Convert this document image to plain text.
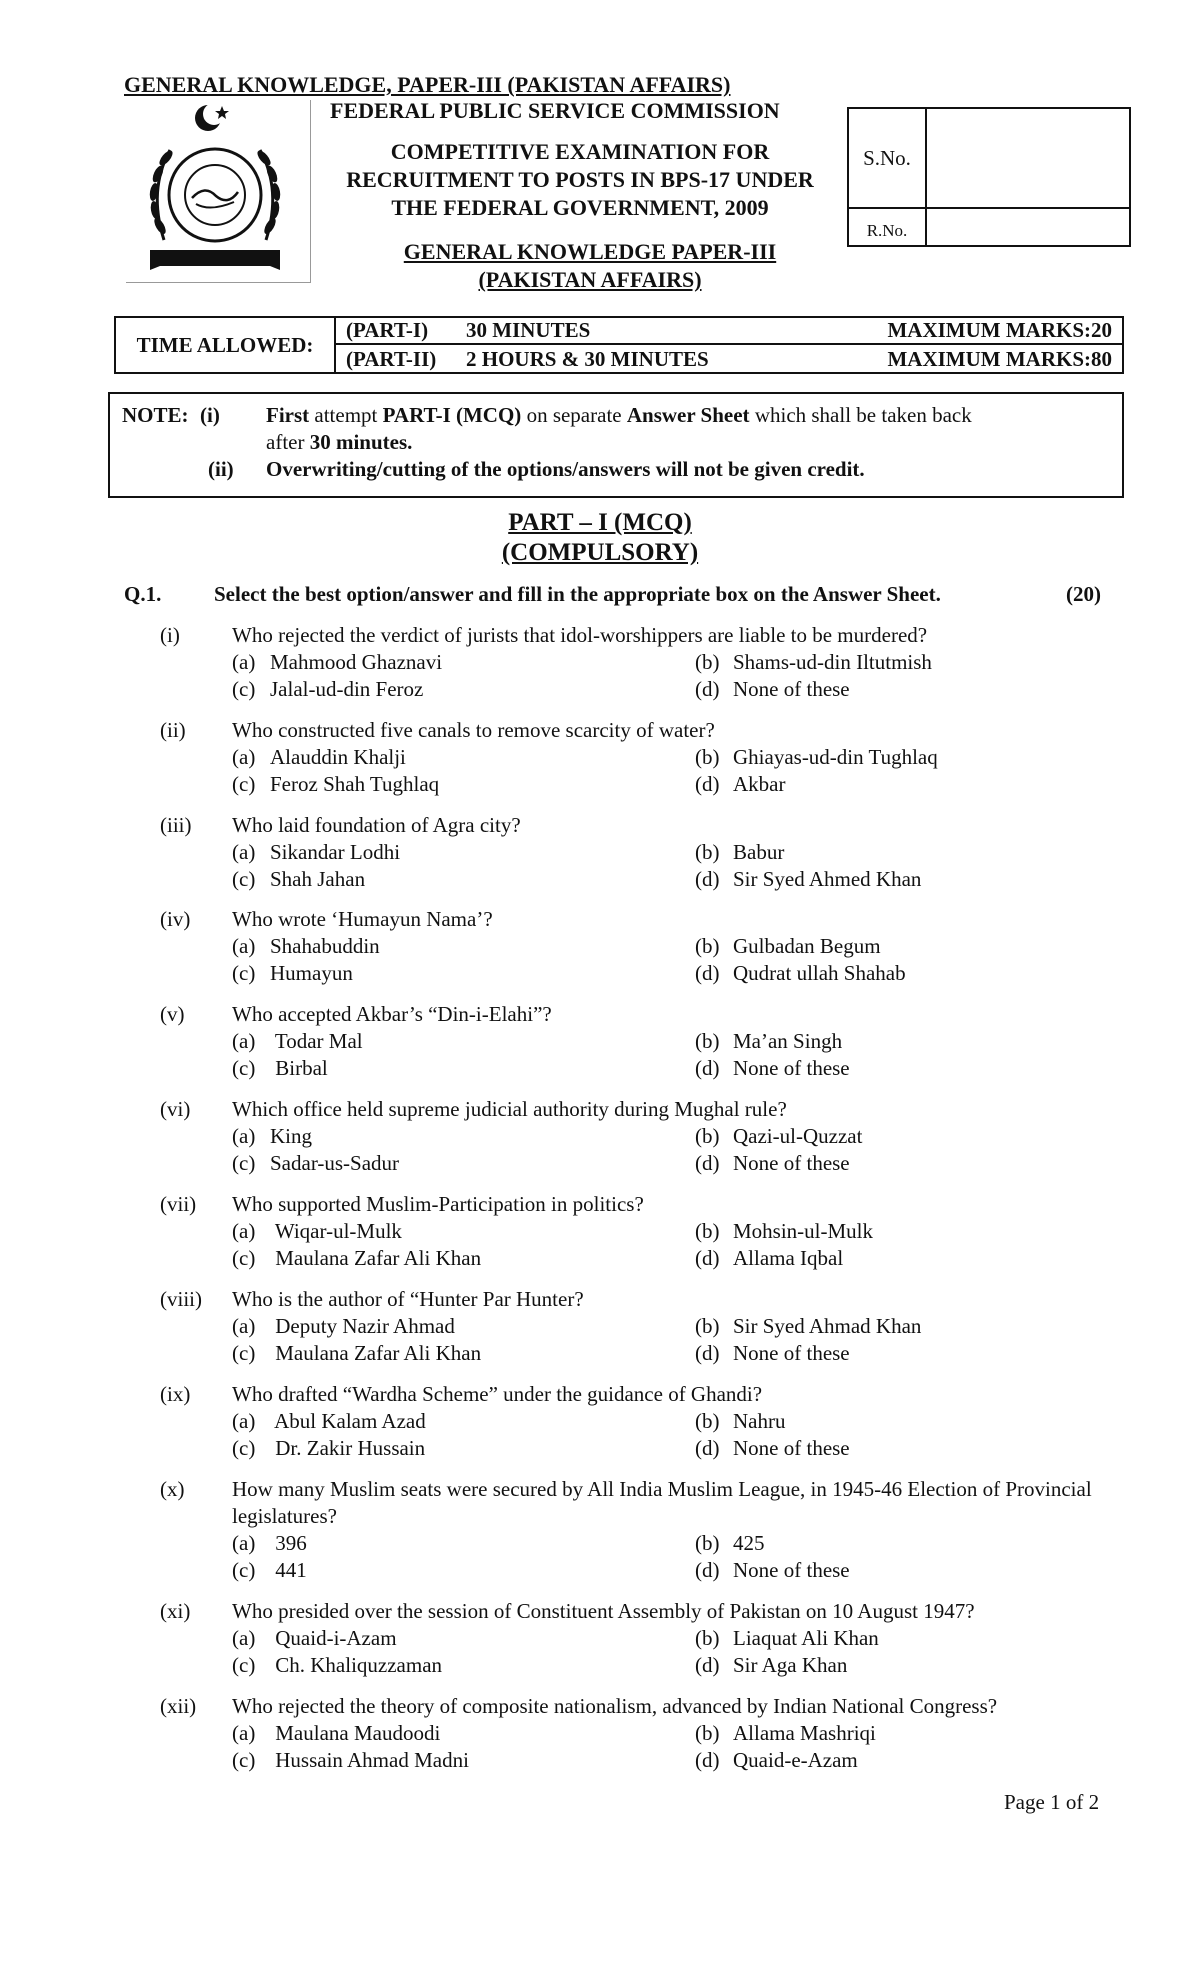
GENERAL KNOWLEDGE, PAPER-III (PAKISTAN AFFAIRS)
FEDERAL PUBLIC SERVICE COMMISSION
COMPETITIVE EXAMINATION FOR
RECRUITMENT TO POSTS IN BPS-17 UNDER
THE FEDERAL GOVERNMENT, 2009
GENERAL KNOWLEDGE PAPER-III
(PAKISTAN AFFAIRS)
S.No.
R.No.
TIME ALLOWED:
(PART-I)	30 MINUTES	MAXIMUM MARKS:20
(PART-II)	2 HOURS & 30 MINUTES	MAXIMUM MARKS:80
NOTE: (i) First attempt PART-I (MCQ) on separate Answer Sheet which shall be taken back
after 30 minutes.
(ii) Overwriting/cutting of the options/answers will not be given credit.
PART – I (MCQ)
(COMPULSORY)
Q.1.	Select the best option/answer and fill in the appropriate box on the Answer Sheet.	(20)
(i) Who rejected the verdict of jurists that idol-worshippers are liable to be murdered?
(a) Mahmood Ghaznavi	(b) Shams-ud-din Iltutmish
(c) Jalal-ud-din Feroz	(d) None of these
(ii) Who constructed five canals to remove scarcity of water?
(a) Alauddin Khalji	(b) Ghiayas-ud-din Tughlaq
(c) Feroz Shah Tughlaq	(d) Akbar
(iii) Who laid foundation of Agra city?
(a) Sikandar Lodhi	(b) Babur
(c) Shah Jahan	(d) Sir Syed Ahmed Khan
(iv) Who wrote ‘Humayun Nama’?
(a) Shahabuddin	(b) Gulbadan Begum
(c) Humayun	(d) Qudrat ullah Shahab
(v) Who accepted Akbar’s “Din-i-Elahi”?
(a) Todar Mal	(b) Ma’an Singh
(c) Birbal	(d) None of these
(vi) Which office held supreme judicial authority during Mughal rule?
(a) King	(b) Qazi-ul-Quzzat
(c) Sadar-us-Sadur	(d) None of these
(vii) Who supported Muslim-Participation in politics?
(a) Wiqar-ul-Mulk	(b) Mohsin-ul-Mulk
(c) Maulana Zafar Ali Khan	(d) Allama Iqbal
(viii) Who is the author of “Hunter Par Hunter?
(a) Deputy Nazir Ahmad	(b) Sir Syed Ahmad Khan
(c) Maulana Zafar Ali Khan	(d) None of these
(ix) Who drafted “Wardha Scheme” under the guidance of Ghandi?
(a) Abul Kalam Azad	(b) Nahru
(c) Dr. Zakir Hussain	(d) None of these
(x) How many Muslim seats were secured by All India Muslim League, in 1945-46 Election of Provincial legislatures?
(a) 396	(b) 425
(c) 441	(d) None of these
(xi) Who presided over the session of Constituent Assembly of Pakistan on 10 August 1947?
(a) Quaid-i-Azam	(b) Liaquat Ali Khan
(c) Ch. Khaliquzzaman	(d) Sir Aga Khan
(xii) Who rejected the theory of composite nationalism, advanced by Indian National Congress?
(a) Maulana Maudoodi	(b) Allama Mashriqi
(c) Hussain Ahmad Madni	(d) Quaid-e-Azam
Page 1 of 2
